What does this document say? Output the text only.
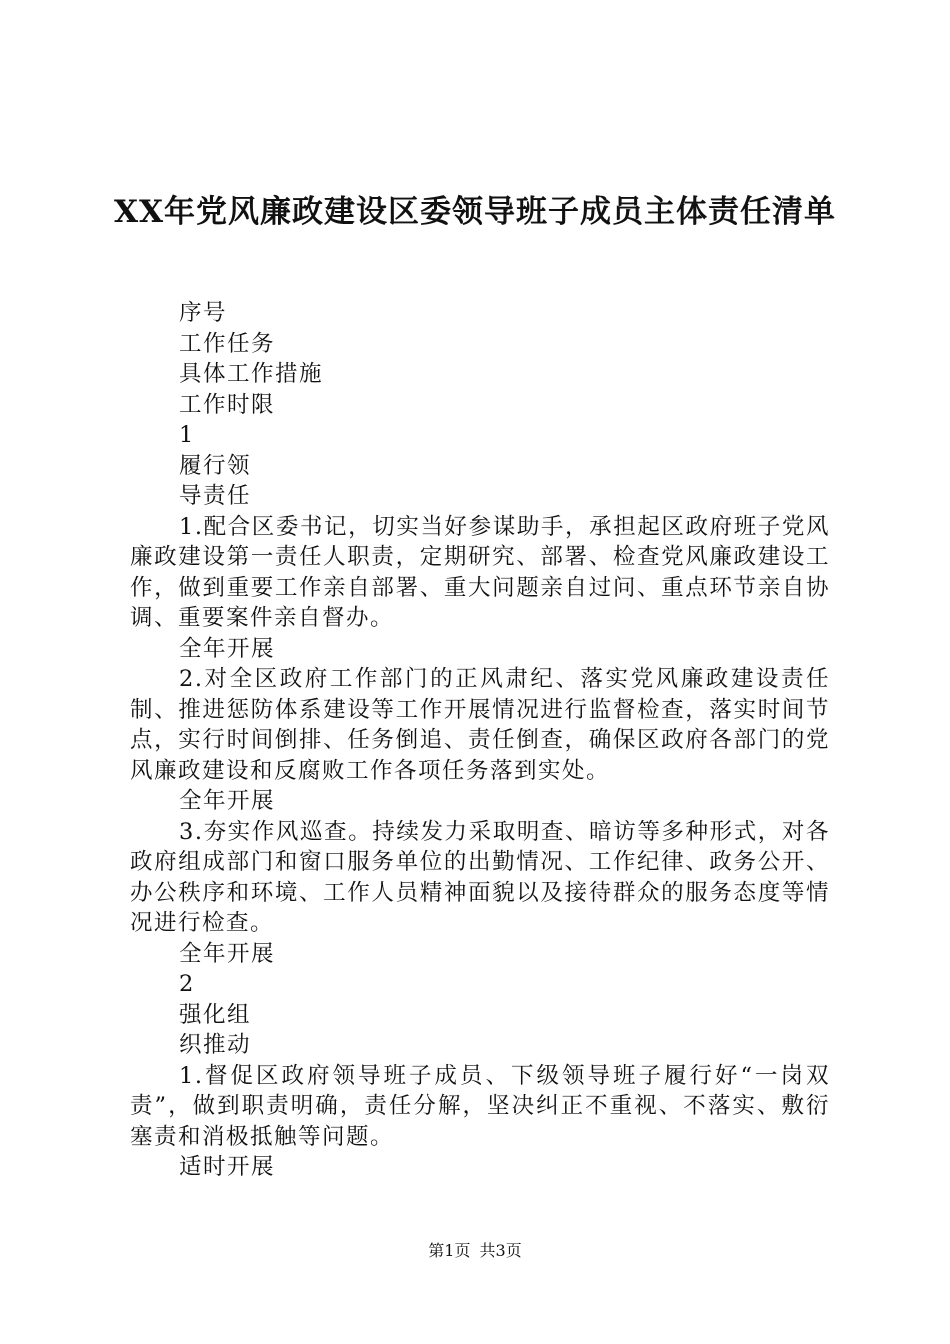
XX年党风廉政建设区委领导班子成员主体责任清单

序号

工作任务

具体工作措施

工作时限

1

履行领

导责任

1.配合区委书记，切实当好参谋助手，承担起区政府班子党风廉政建设第一责任人职责，定期研究、部署、检查党风廉政建设工作，做到重要工作亲自部署、重大问题亲自过问、重点环节亲自协调、重要案件亲自督办。

全年开展

2.对全区政府工作部门的正风肃纪、落实党风廉政建设责任制、推进惩防体系建设等工作开展情况进行监督检查，落实时间节点，实行时间倒排、任务倒追、责任倒查，确保区政府各部门的党风廉政建设和反腐败工作各项任务落到实处。

全年开展

3.夯实作风巡查。持续发力采取明查、暗访等多种形式，对各政府组成部门和窗口服务单位的出勤情况、工作纪律、政务公开、办公秩序和环境、工作人员精神面貌以及接待群众的服务态度等情况进行检查。

全年开展

2

强化组

织推动

1.督促区政府领导班子成员、下级领导班子履行好“一岗双责”，做到职责明确，责任分解，坚决纠正不重视、不落实、敷衍塞责和消极抵触等问题。

适时开展

第1页 共3页
